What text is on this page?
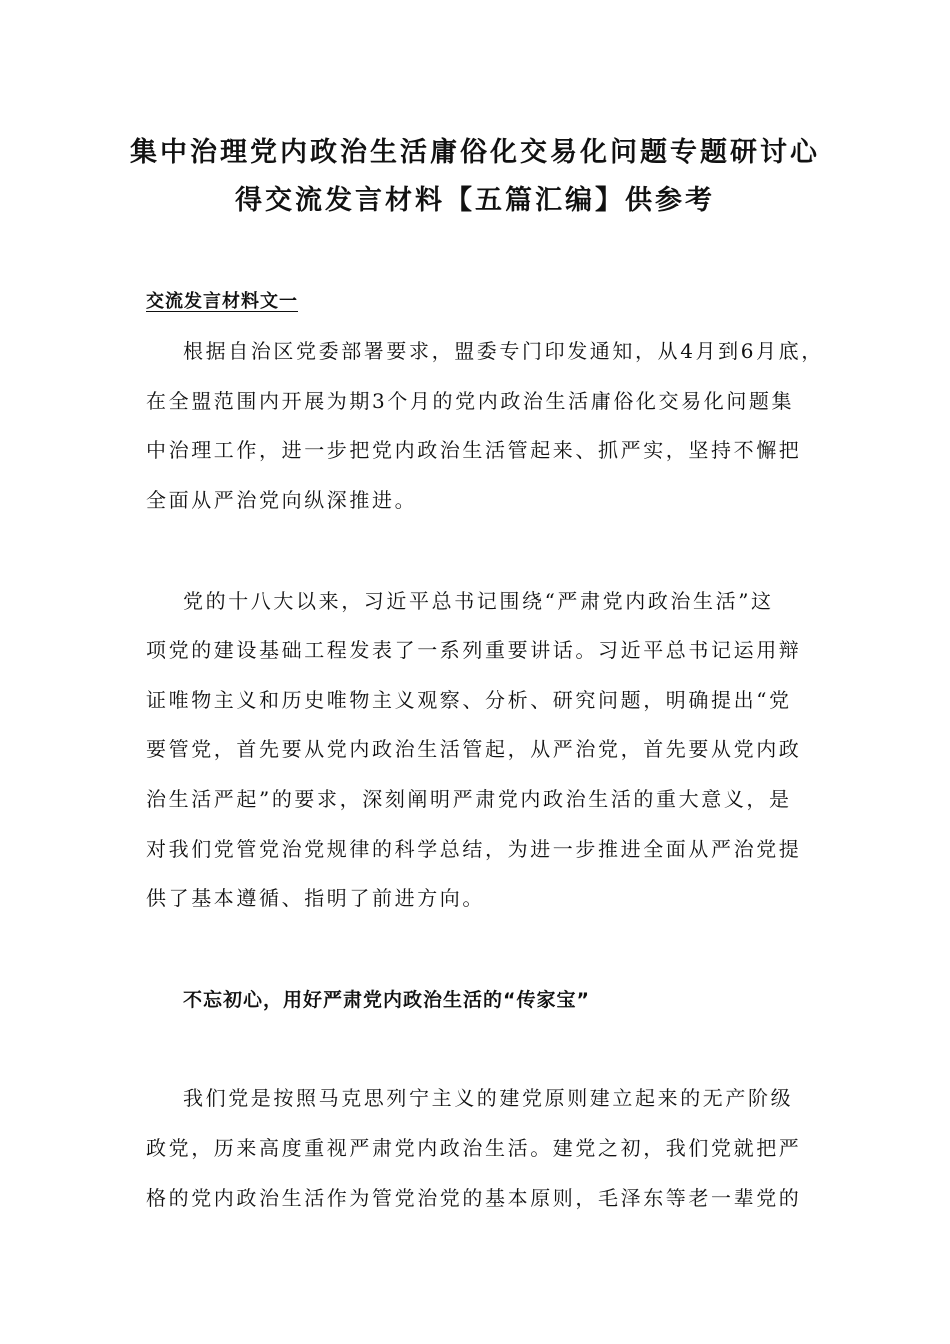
集中治理党内政治生活庸俗化交易化问题专题研讨心
得交流发言材料【五篇汇编】供参考
交流发言材料文一
根据自治区党委部署要求，盟委专门印发通知，从4月到6月底，
在全盟范围内开展为期3个月的党内政治生活庸俗化交易化问题集
中治理工作，进一步把党内政治生活管起来、抓严实，坚持不懈把
全面从严治党向纵深推进。
党的十八大以来，习近平总书记围绕“严肃党内政治生活”这
项党的建设基础工程发表了一系列重要讲话。习近平总书记运用辩
证唯物主义和历史唯物主义观察、分析、研究问题，明确提出“党
要管党，首先要从党内政治生活管起，从严治党，首先要从党内政
治生活严起”的要求，深刻阐明严肃党内政治生活的重大意义，是
对我们党管党治党规律的科学总结，为进一步推进全面从严治党提
供了基本遵循、指明了前进方向。
不忘初心，用好严肃党内政治生活的“传家宝”
我们党是按照马克思列宁主义的建党原则建立起来的无产阶级
政党，历来高度重视严肃党内政治生活。建党之初，我们党就把严
格的党内政治生活作为管党治党的基本原则，毛泽东等老一辈党的
